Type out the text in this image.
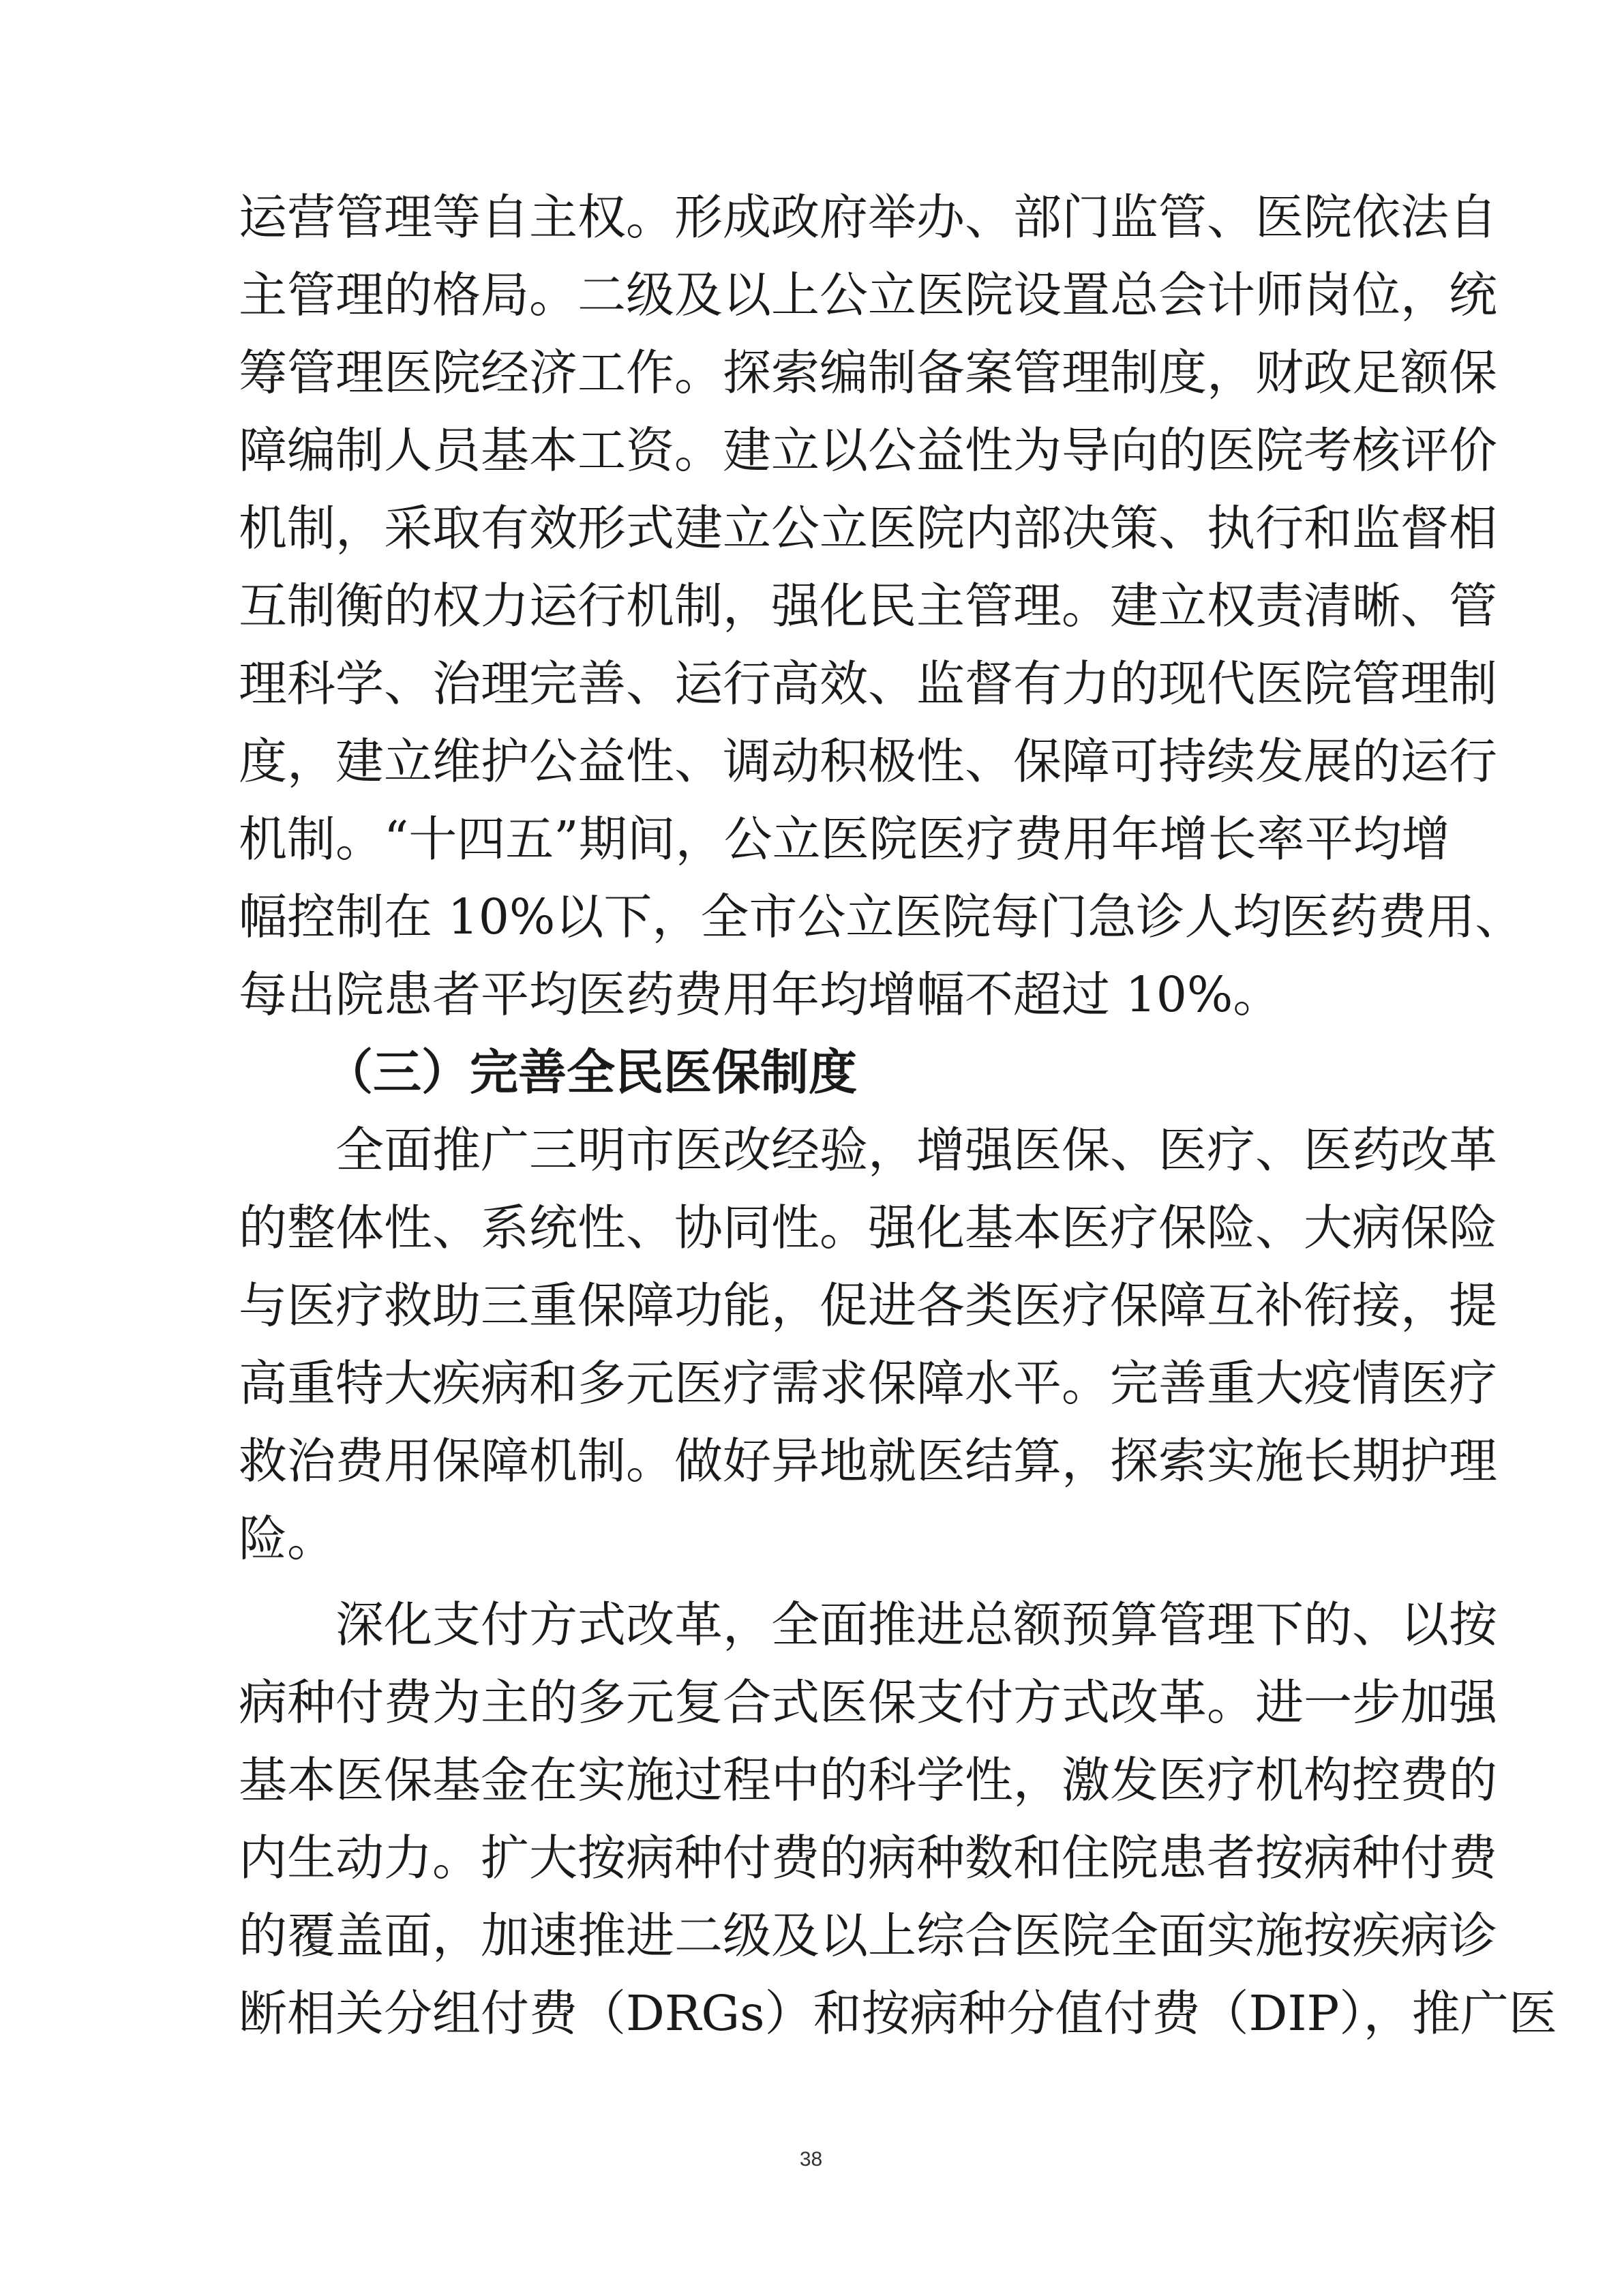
运营管理等自主权。形成政府举办、部门监管、医院依法自
主管理的格局。二级及以上公立医院设置总会计师岗位，统
筹管理医院经济工作。探索编制备案管理制度，财政足额保
障编制人员基本工资。建立以公益性为导向的医院考核评价
机制，采取有效形式建立公立医院内部决策、执行和监督相
互制衡的权力运行机制，强化民主管理。建立权责清晰、管
理科学、治理完善、运行高效、监督有力的现代医院管理制
度，建立维护公益性、调动积极性、保障可持续发展的运行
机制。“十四五”期间，公立医院医疗费用年增长率平均增
幅控制在 10%以下，全市公立医院每门急诊人均医药费用、
每出院患者平均医药费用年均增幅不超过 10%。
（三）完善全民医保制度
全面推广三明市医改经验，增强医保、医疗、医药改革
的整体性、系统性、协同性。强化基本医疗保险、大病保险
与医疗救助三重保障功能，促进各类医疗保障互补衔接，提
高重特大疾病和多元医疗需求保障水平。完善重大疫情医疗
救治费用保障机制。做好异地就医结算，探索实施长期护理
险。
深化支付方式改革，全面推进总额预算管理下的、以按
病种付费为主的多元复合式医保支付方式改革。进一步加强
基本医保基金在实施过程中的科学性，激发医疗机构控费的
内生动力。扩大按病种付费的病种数和住院患者按病种付费
的覆盖面，加速推进二级及以上综合医院全面实施按疾病诊
断相关分组付费（DRGs）和按病种分值付费（DIP），推广医
38
